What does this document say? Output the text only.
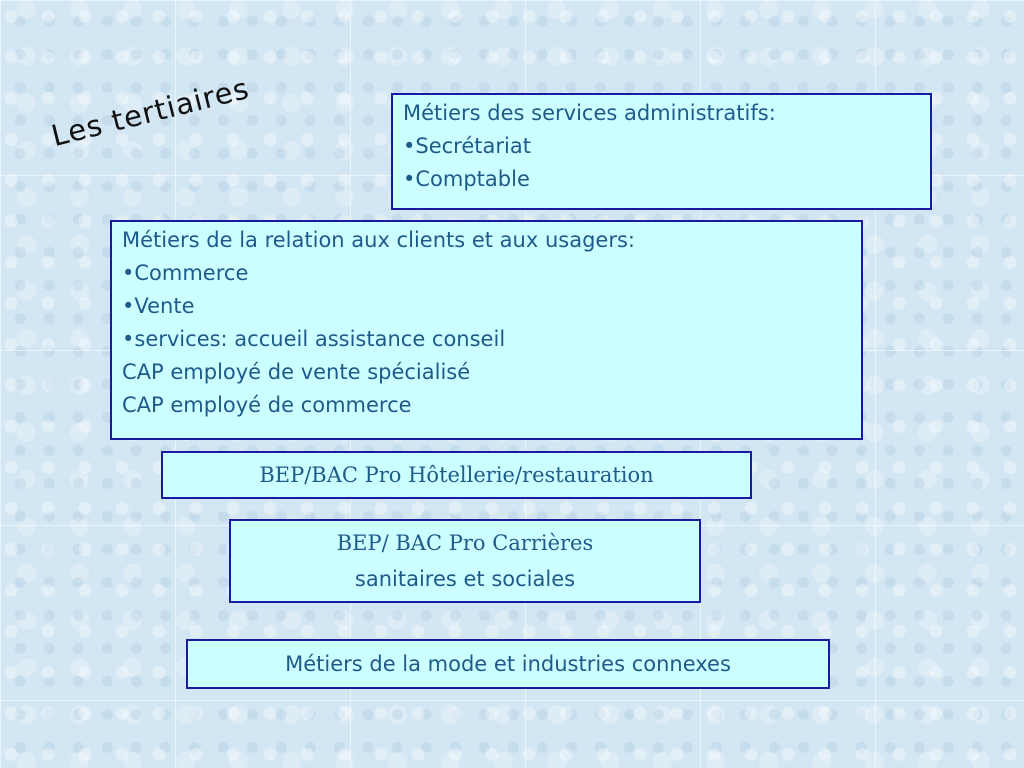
Les tertiaires	Métiers des services administratifs:
•Secrétariat
•Comptable
Métiers de la relation aux clients et aux usagers:
•Commerce
•Vente
•services: accueil assistance conseil
CAP employé de vente spécialisé
CAP employé de commerce
BEP/BAC Pro Hôtellerie/restauration
BEP/ BAC Pro Carrières
sanitaires et sociales
Métiers de la mode et industries connexes
